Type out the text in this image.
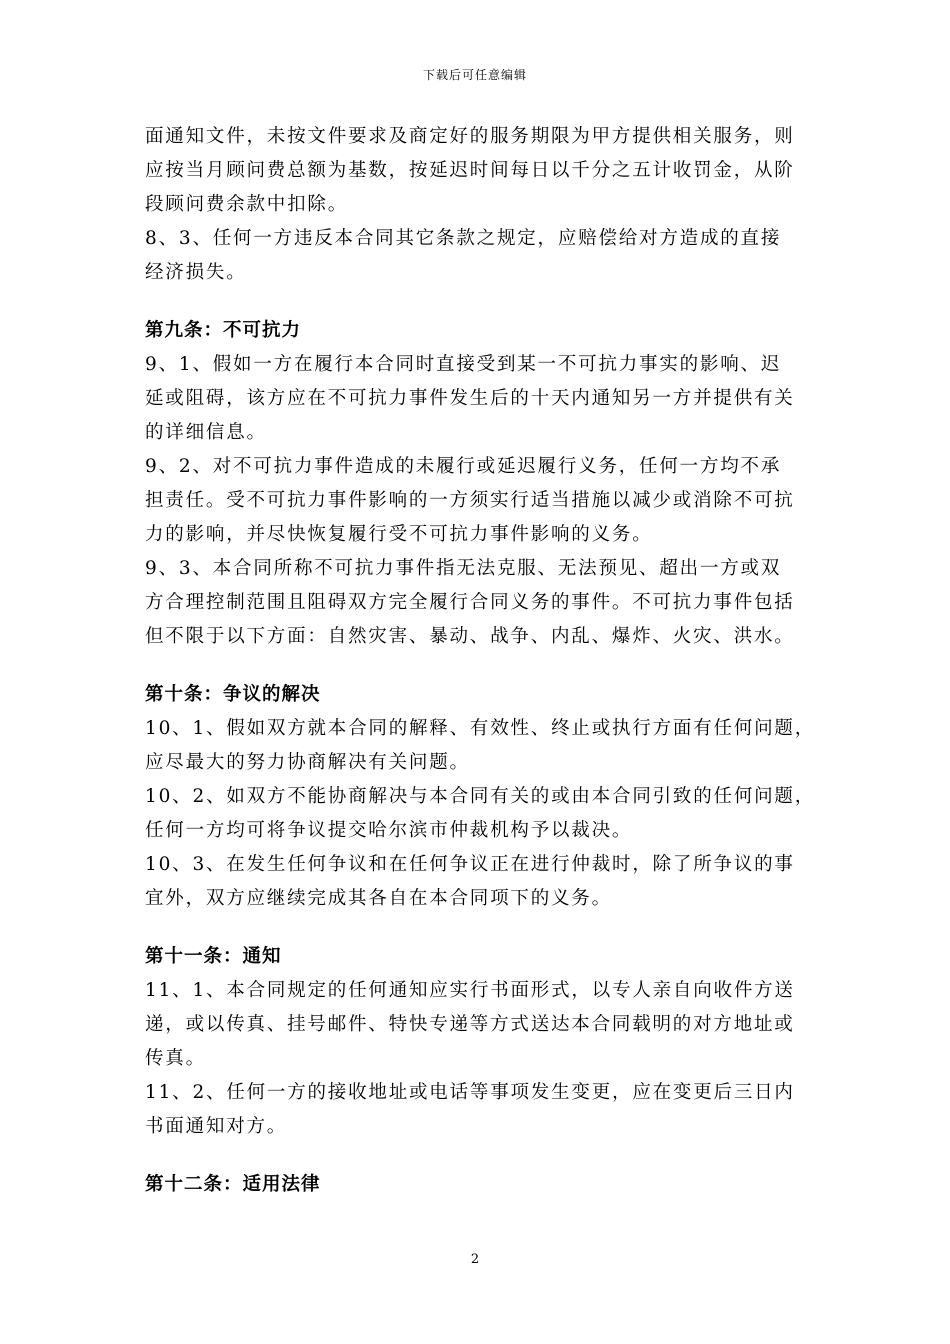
下载后可任意编辑
面通知文件，未按文件要求及商定好的服务期限为甲方提供相关服务，则
应按当月顾问费总额为基数，按延迟时间每日以千分之五计收罚金，从阶
段顾问费余款中扣除。
8、3、任何一方违反本合同其它条款之规定，应赔偿给对方造成的直接
经济损失。
第九条：不可抗力
9、1、假如一方在履行本合同时直接受到某一不可抗力事实的影响、迟
延或阻碍，该方应在不可抗力事件发生后的十天内通知另一方并提供有关
的详细信息。
9、2、对不可抗力事件造成的未履行或延迟履行义务，任何一方均不承
担责任。受不可抗力事件影响的一方须实行适当措施以减少或消除不可抗
力的影响，并尽快恢复履行受不可抗力事件影响的义务。
9、3、本合同所称不可抗力事件指无法克服、无法预见、超出一方或双
方合理控制范围且阻碍双方完全履行合同义务的事件。不可抗力事件包括
但不限于以下方面：自然灾害、暴动、战争、内乱、爆炸、火灾、洪水。
第十条：争议的解决
10、1、假如双方就本合同的解释、有效性、终止或执行方面有任何问题，
应尽最大的努力协商解决有关问题。
10、2、如双方不能协商解决与本合同有关的或由本合同引致的任何问题，
任何一方均可将争议提交哈尔滨市仲裁机构予以裁决。
10、3、在发生任何争议和在任何争议正在进行仲裁时，除了所争议的事
宜外，双方应继续完成其各自在本合同项下的义务。
第十一条：通知
11、1、本合同规定的任何通知应实行书面形式，以专人亲自向收件方送
递，或以传真、挂号邮件、特快专递等方式送达本合同载明的对方地址或
传真。
11、2、任何一方的接收地址或电话等事项发生变更，应在变更后三日内
书面通知对方。
第十二条：适用法律
2
